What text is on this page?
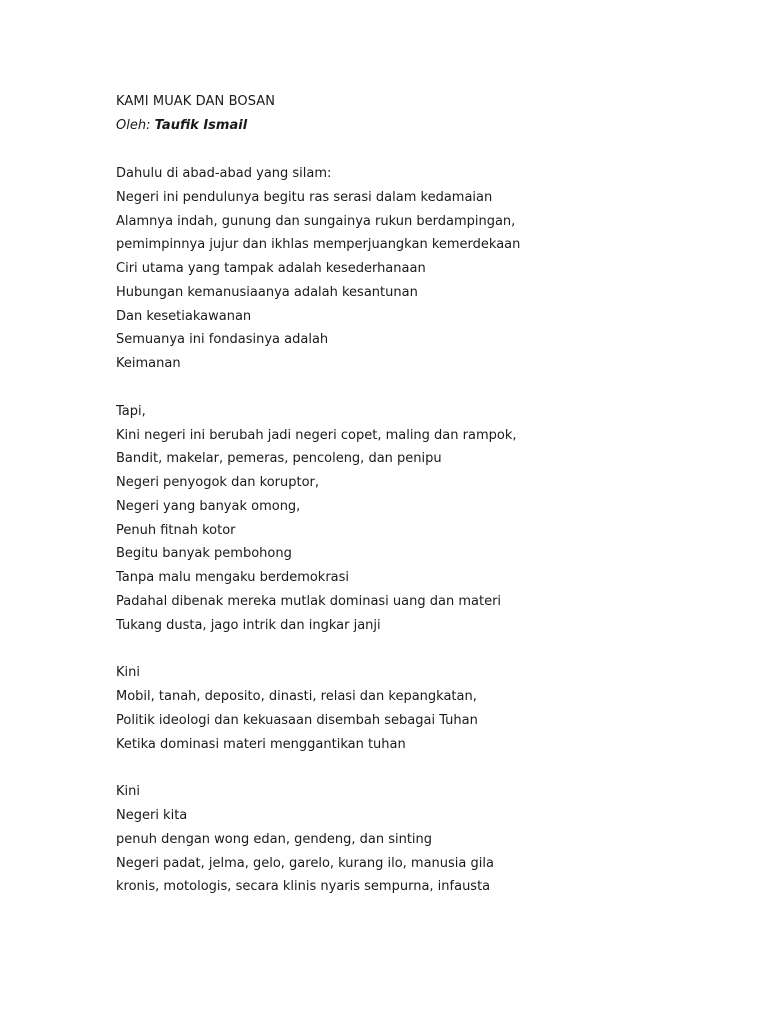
KAMI MUAK DAN BOSAN
Oleh: Taufik Ismail
Dahulu di abad-abad yang silam:
Negeri ini pendulunya begitu ras serasi dalam kedamaian
Alamnya indah, gunung dan sungainya rukun berdampingan,
pemimpinnya jujur dan ikhlas memperjuangkan kemerdekaan
Ciri utama yang tampak adalah kesederhanaan
Hubungan kemanusiaanya adalah kesantunan
Dan kesetiakawanan
Semuanya ini fondasinya adalah
Keimanan
Tapi,
Kini negeri ini berubah jadi negeri copet, maling dan rampok,
Bandit, makelar, pemeras, pencoleng, dan penipu
Negeri penyogok dan koruptor,
Negeri yang banyak omong,
Penuh fitnah kotor
Begitu banyak pembohong
Tanpa malu mengaku berdemokrasi
Padahal dibenak mereka mutlak dominasi uang dan materi
Tukang dusta, jago intrik dan ingkar janji
Kini
Mobil, tanah, deposito, dinasti, relasi dan kepangkatan,
Politik ideologi dan kekuasaan disembah sebagai Tuhan
Ketika dominasi materi menggantikan tuhan
Kini
Negeri kita
penuh dengan wong edan, gendeng, dan sinting
Negeri padat, jelma, gelo, garelo, kurang ilo, manusia gila
kronis, motologis, secara klinis nyaris sempurna, infausta
